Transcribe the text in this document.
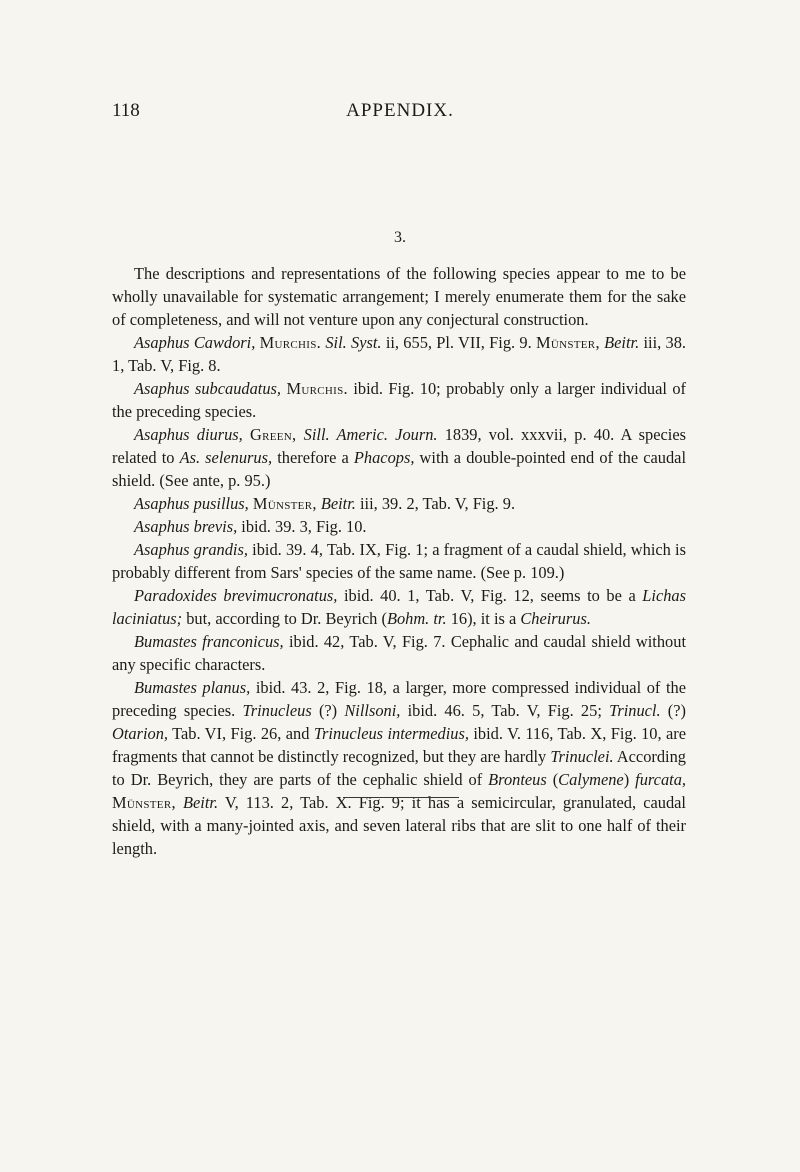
118	APPENDIX.
3.

The descriptions and representations of the following species appear to me to be wholly unavailable for systematic arrangement; I merely enumerate them for the sake of completeness, and will not venture upon any conjectural construction.

Asaphus Cawdori, Murchis. Sil. Syst. ii, 655, Pl. VII, Fig. 9. Münster, Beitr. iii, 38. 1, Tab. V, Fig. 8.

Asaphus subcaudatus, Murchis. ibid. Fig. 10; probably only a larger individual of the preceding species.

Asaphus diurus, Green, Sill. Americ. Journ. 1839, vol. xxxvii, p. 40. A species related to As. selenurus, therefore a Phacops, with a double-pointed end of the caudal shield. (See ante, p. 95.)

Asaphus pusillus, Münster, Beitr. iii, 39. 2, Tab. V, Fig. 9.

Asaphus brevis, ibid. 39. 3, Fig. 10.

Asaphus grandis, ibid. 39. 4, Tab. IX, Fig. 1; a fragment of a caudal shield, which is probably different from Sars' species of the same name. (See p. 109.)

Paradoxides brevimucronatus, ibid. 40. 1, Tab. V, Fig. 12, seems to be a Lichas laciniatus; but, according to Dr. Beyrich (Bohm. tr. 16), it is a Cheirurus.

Bumastes franconicus, ibid. 42, Tab. V, Fig. 7. Cephalic and caudal shield without any specific characters.

Bumastes planus, ibid. 43. 2, Fig. 18, a larger, more compressed individual of the preceding species. Trinucleus (?) Nillsoni, ibid. 46. 5, Tab. V, Fig. 25; Trinucl. (?) Otarion, Tab. VI, Fig. 26, and Trinucleus intermedius, ibid. V. 116, Tab. X, Fig. 10, are fragments that cannot be distinctly recognized, but they are hardly Trinuclei. According to Dr. Beyrich, they are parts of the cephalic shield of Bronteus (Calymene) furcata, Münster, Beitr. V, 113. 2, Tab. X. Fig. 9; it has a semicircular, granulated, caudal shield, with a many-jointed axis, and seven lateral ribs that are slit to one half of their length.
